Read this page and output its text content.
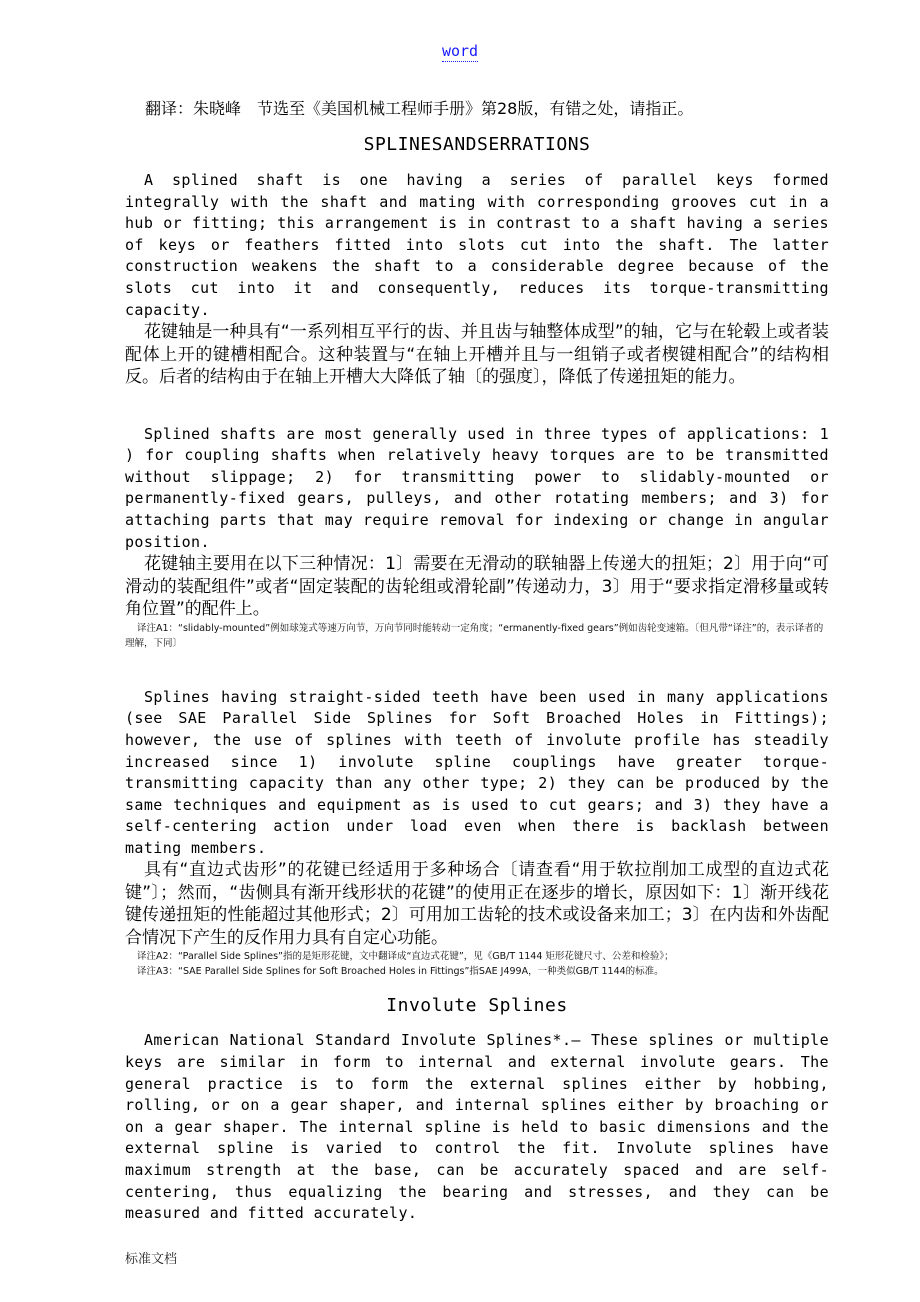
word

翻译：朱晓峰　节选至《美国机械工程师手册》第28版，有错之处，请指正。

SPLINESANDSERRATIONS

A splined shaft is one having a series of parallel keys formed integrally with the shaft and mating with corresponding grooves cut in a hub or fitting; this arrangement is in contrast to a shaft having a series of keys or feathers fitted into slots cut into the shaft. The latter construction weakens the shaft to a considerable degree because of the slots cut into it and consequently, reduces its torque-transmitting capacity.

花键轴是一种具有“一系列相互平行的齿、并且齿与轴整体成型”的轴，它与在轮毂上或者装配体上开的键槽相配合。这种装置与“在轴上开槽并且与一组销子或者楔键相配合”的结构相反。后者的结构由于在轴上开槽大大降低了轴〔的强度〕，降低了传递扭矩的能力。

Splined shafts are most generally used in three types of applications: 1 ) for coupling shafts when relatively heavy torques are to be transmitted without slippage; 2) for transmitting power to slidably-mounted or permanently-fixed gears, pulleys, and other rotating members; and 3) for attaching parts that may require removal for indexing or change in angular position.

花键轴主要用在以下三种情况：1〕需要在无滑动的联轴器上传递大的扭矩；2〕用于向“可滑动的装配组件”或者“固定装配的齿轮组或滑轮副”传递动力，3〕用于“要求指定滑移量或转角位置”的配件上。

译注A1：“slidably-mounted”例如球笼式等速万向节，万向节同时能转动一定角度；“ermanently-fixed gears”例如齿轮变速箱。〔但凡带“译注”的，表示译者的理解，下同〕

Splines having straight-sided teeth have been used in many applications (see SAE Parallel Side Splines for Soft Broached Holes in Fittings); however, the use of splines with teeth of involute profile has steadily increased since 1) involute spline couplings have greater torque-transmitting capacity than any other type; 2) they can be produced by the same techniques and equipment as is used to cut gears; and 3) they have a self-centering action under load even when there is backlash between mating members.

具有“直边式齿形”的花键已经适用于多种场合〔请查看“用于软拉削加工成型的直边式花键”〕；然而，“齿侧具有渐开线形状的花键”的使用正在逐步的增长，原因如下：1〕渐开线花键传递扭矩的性能超过其他形式；2〕可用加工齿轮的技术或设备来加工；3〕在内齿和外齿配合情况下产生的反作用力具有自定心功能。

译注A2：“Parallel Side Splines”指的是矩形花键，文中翻译成“直边式花键”，见《GB/T 1144 矩形花键尺寸、公差和检验》；

译注A3：“SAE Parallel Side Splines for Soft Broached Holes in Fittings”指SAE J499A，一种类似GB/T 1144的标准。

Involute Splines

American National Standard Involute Splines*.— These splines or multiple keys are similar in form to internal and external involute gears. The general practice is to form the external splines either by hobbing, rolling, or on a gear shaper, and internal splines either by broaching or on a gear shaper. The internal spline is held to basic dimensions and the external spline is varied to control the fit. Involute splines have maximum strength at the base, can be accurately spaced and are self-centering, thus equalizing the bearing and stresses, and they can be measured and fitted accurately.

标准文档
